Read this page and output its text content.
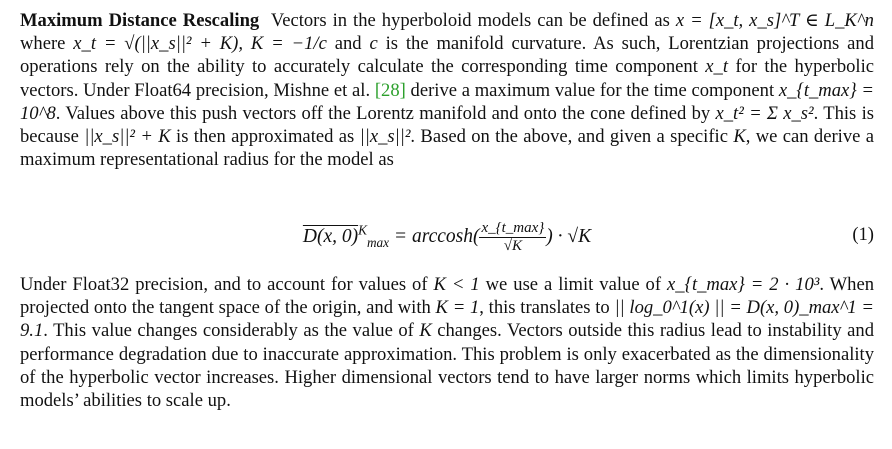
Maximum Distance Rescaling Vectors in the hyperboloid models can be defined as x = [x_t, x_s]^T ∈ L_K^n where x_t = √(||x_s||² + K), K = −1/c and c is the manifold curvature. As such, Lorentzian projections and operations rely on the ability to accurately calculate the corresponding time component x_t for the hyperbolic vectors. Under Float64 precision, Mishne et al. [28] derive a maximum value for the time component x_{t_max} = 10^8. Values above this push vectors off the Lorentz manifold and onto the cone defined by x_t² = Σ x_s². This is because ||x_s||² + K is then approximated as ||x_s||². Based on the above, and given a specific K, we can derive a maximum representational radius for the model as
D(x, $0)^K_{max} = \arccos h( \frac{x\_\{t\_\max\}}{√K}$ ) · √K	(1)
Under Float32 precision, and to account for values of K < 1 we use a limit value of x_{t_max} = 2 · 10³. When projected onto the tangent space of the origin, and with K = 1, this translates to || log_0^1(x) || = D(x, 0)_max^1 = 9.1. This value changes considerably as the value of K changes. Vectors outside this radius lead to instability and performance degradation due to inaccurate approximation. This problem is only exacerbated as the dimensionality of the hyperbolic vector increases. Higher dimensional vectors tend to have larger norms which limits hyperbolic models’ abilities to scale up.
